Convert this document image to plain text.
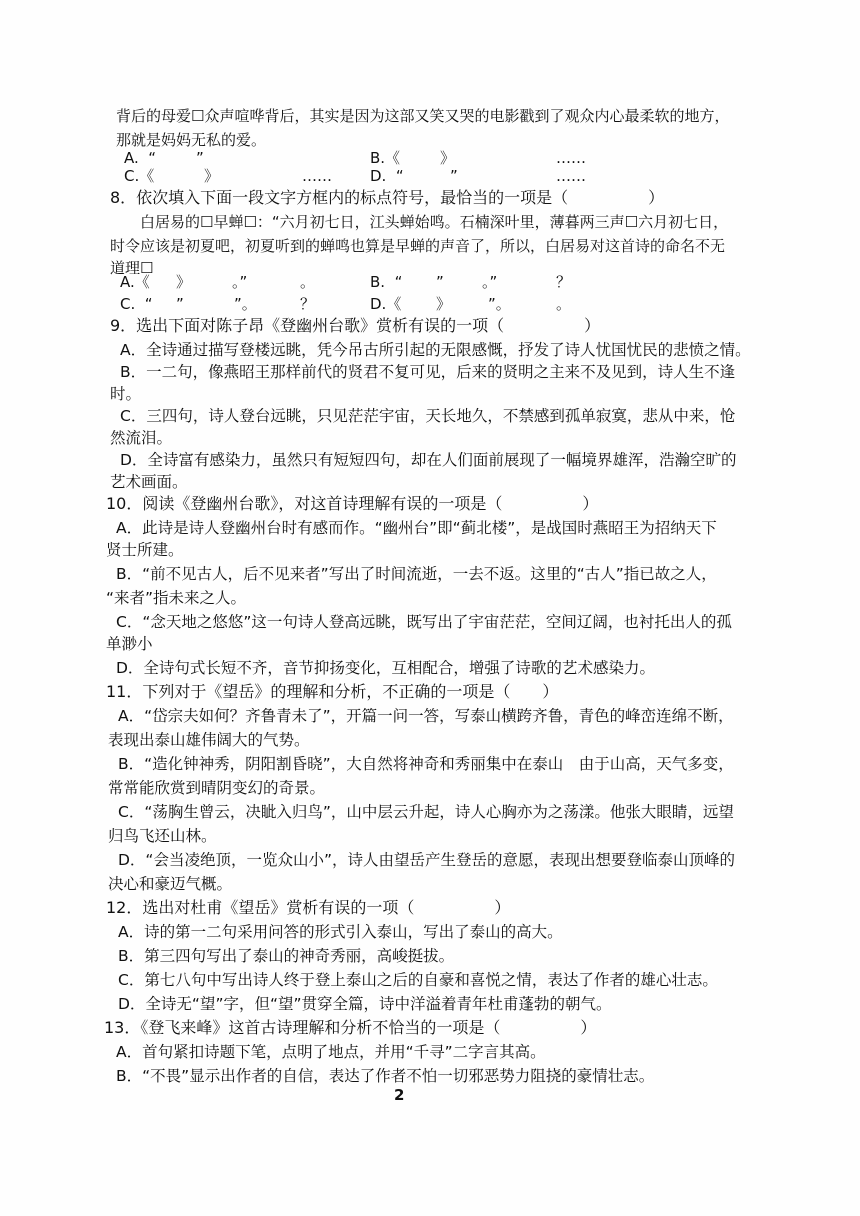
背后的母爱☐众声喧哗背后，其实是因为这部又笑又哭的电影戳到了观众内心最柔软的地方，
那就是妈妈无私的爱。
A.  “	”	B.《	》	……
C.《	》	……	D.  “	”	……
8．依次填入下面一段文字方框内的标点符号，最恰当的一项是（　　　　　）
白居易的☐早蝉☐：“六月初七日，江头蝉始鸣。石楠深叶里，薄暮两三声☐六月初七日，
时令应该是初夏吧，初夏听到的蝉鸣也算是早蝉的声音了，所以，白居易对这首诗的命名不无
道理☐
A.《 》	。”	。	B.  “ ”	。”	？
C.  “ ”	”。	？	D.《 》 ”。	。
9．选出下面对陈子昂《登幽州台歌》赏析有误的一项（　　　　　）
A．全诗通过描写登楼远眺，凭今吊古所引起的无限感慨，抒发了诗人忧国忧民的悲愤之情。
B．一二句，像燕昭王那样前代的贤君不复可见，后来的贤明之主来不及见到，诗人生不逢
时。
C．三四句，诗人登台远眺，只见茫茫宇宙，天长地久，不禁感到孤单寂寞，悲从中来，怆
然流泪。
D．全诗富有感染力，虽然只有短短四句，却在人们面前展现了一幅境界雄浑，浩瀚空旷的
艺术画面。
10．阅读《登幽州台歌》，对这首诗理解有误的一项是（　　　　　）
A．此诗是诗人登幽州台时有感而作。“幽州台”即“蓟北楼”，是战国时燕昭王为招纳天下
贤士所建。
B．“前不见古人，后不见来者”写出了时间流逝，一去不返。这里的“古人”指已故之人，
“来者”指未来之人。
C．“念天地之悠悠”这一句诗人登高远眺，既写出了宇宙茫茫，空间辽阔，也衬托出人的孤
单渺小
D．全诗句式长短不齐，音节抑扬变化，互相配合，增强了诗歌的艺术感染力。
11．下列对于《望岳》的理解和分析，不正确的一项是（　　）
A．“岱宗夫如何？齐鲁青未了”，开篇一问一答，写泰山横跨齐鲁，青色的峰峦连绵不断，
表现出泰山雄伟阔大的气势。
B．“造化钟神秀，阴阳割昏晓”，大自然将神奇和秀丽集中在泰山　由于山高，天气多变，
常常能欣赏到晴阴变幻的奇景。
C．“荡胸生曾云，决眦入归鸟”，山中层云升起，诗人心胸亦为之荡漾。他张大眼睛，远望
归鸟飞还山林。
D．“会当凌绝顶，一览众山小”，诗人由望岳产生登岳的意愿，表现出想要登临泰山顶峰的
决心和豪迈气概。
12．选出对杜甫《望岳》赏析有误的一项（　　　　　）
A．诗的第一二句采用问答的形式引入泰山，写出了泰山的高大。
B．第三四句写出了泰山的神奇秀丽，高峻挺拔。
C．第七八句中写出诗人终于登上泰山之后的自豪和喜悦之情，表达了作者的雄心壮志。
D．全诗无“望”字，但“望”贯穿全篇，诗中洋溢着青年杜甫蓬勃的朝气。
13．《登飞来峰》这首古诗理解和分析不恰当的一项是（　　　　　）
A．首句紧扣诗题下笔，点明了地点，并用“千寻”二字言其高。
B．“不畏”显示出作者的自信，表达了作者不怕一切邪恶势力阻挠的豪情壮志。
2
